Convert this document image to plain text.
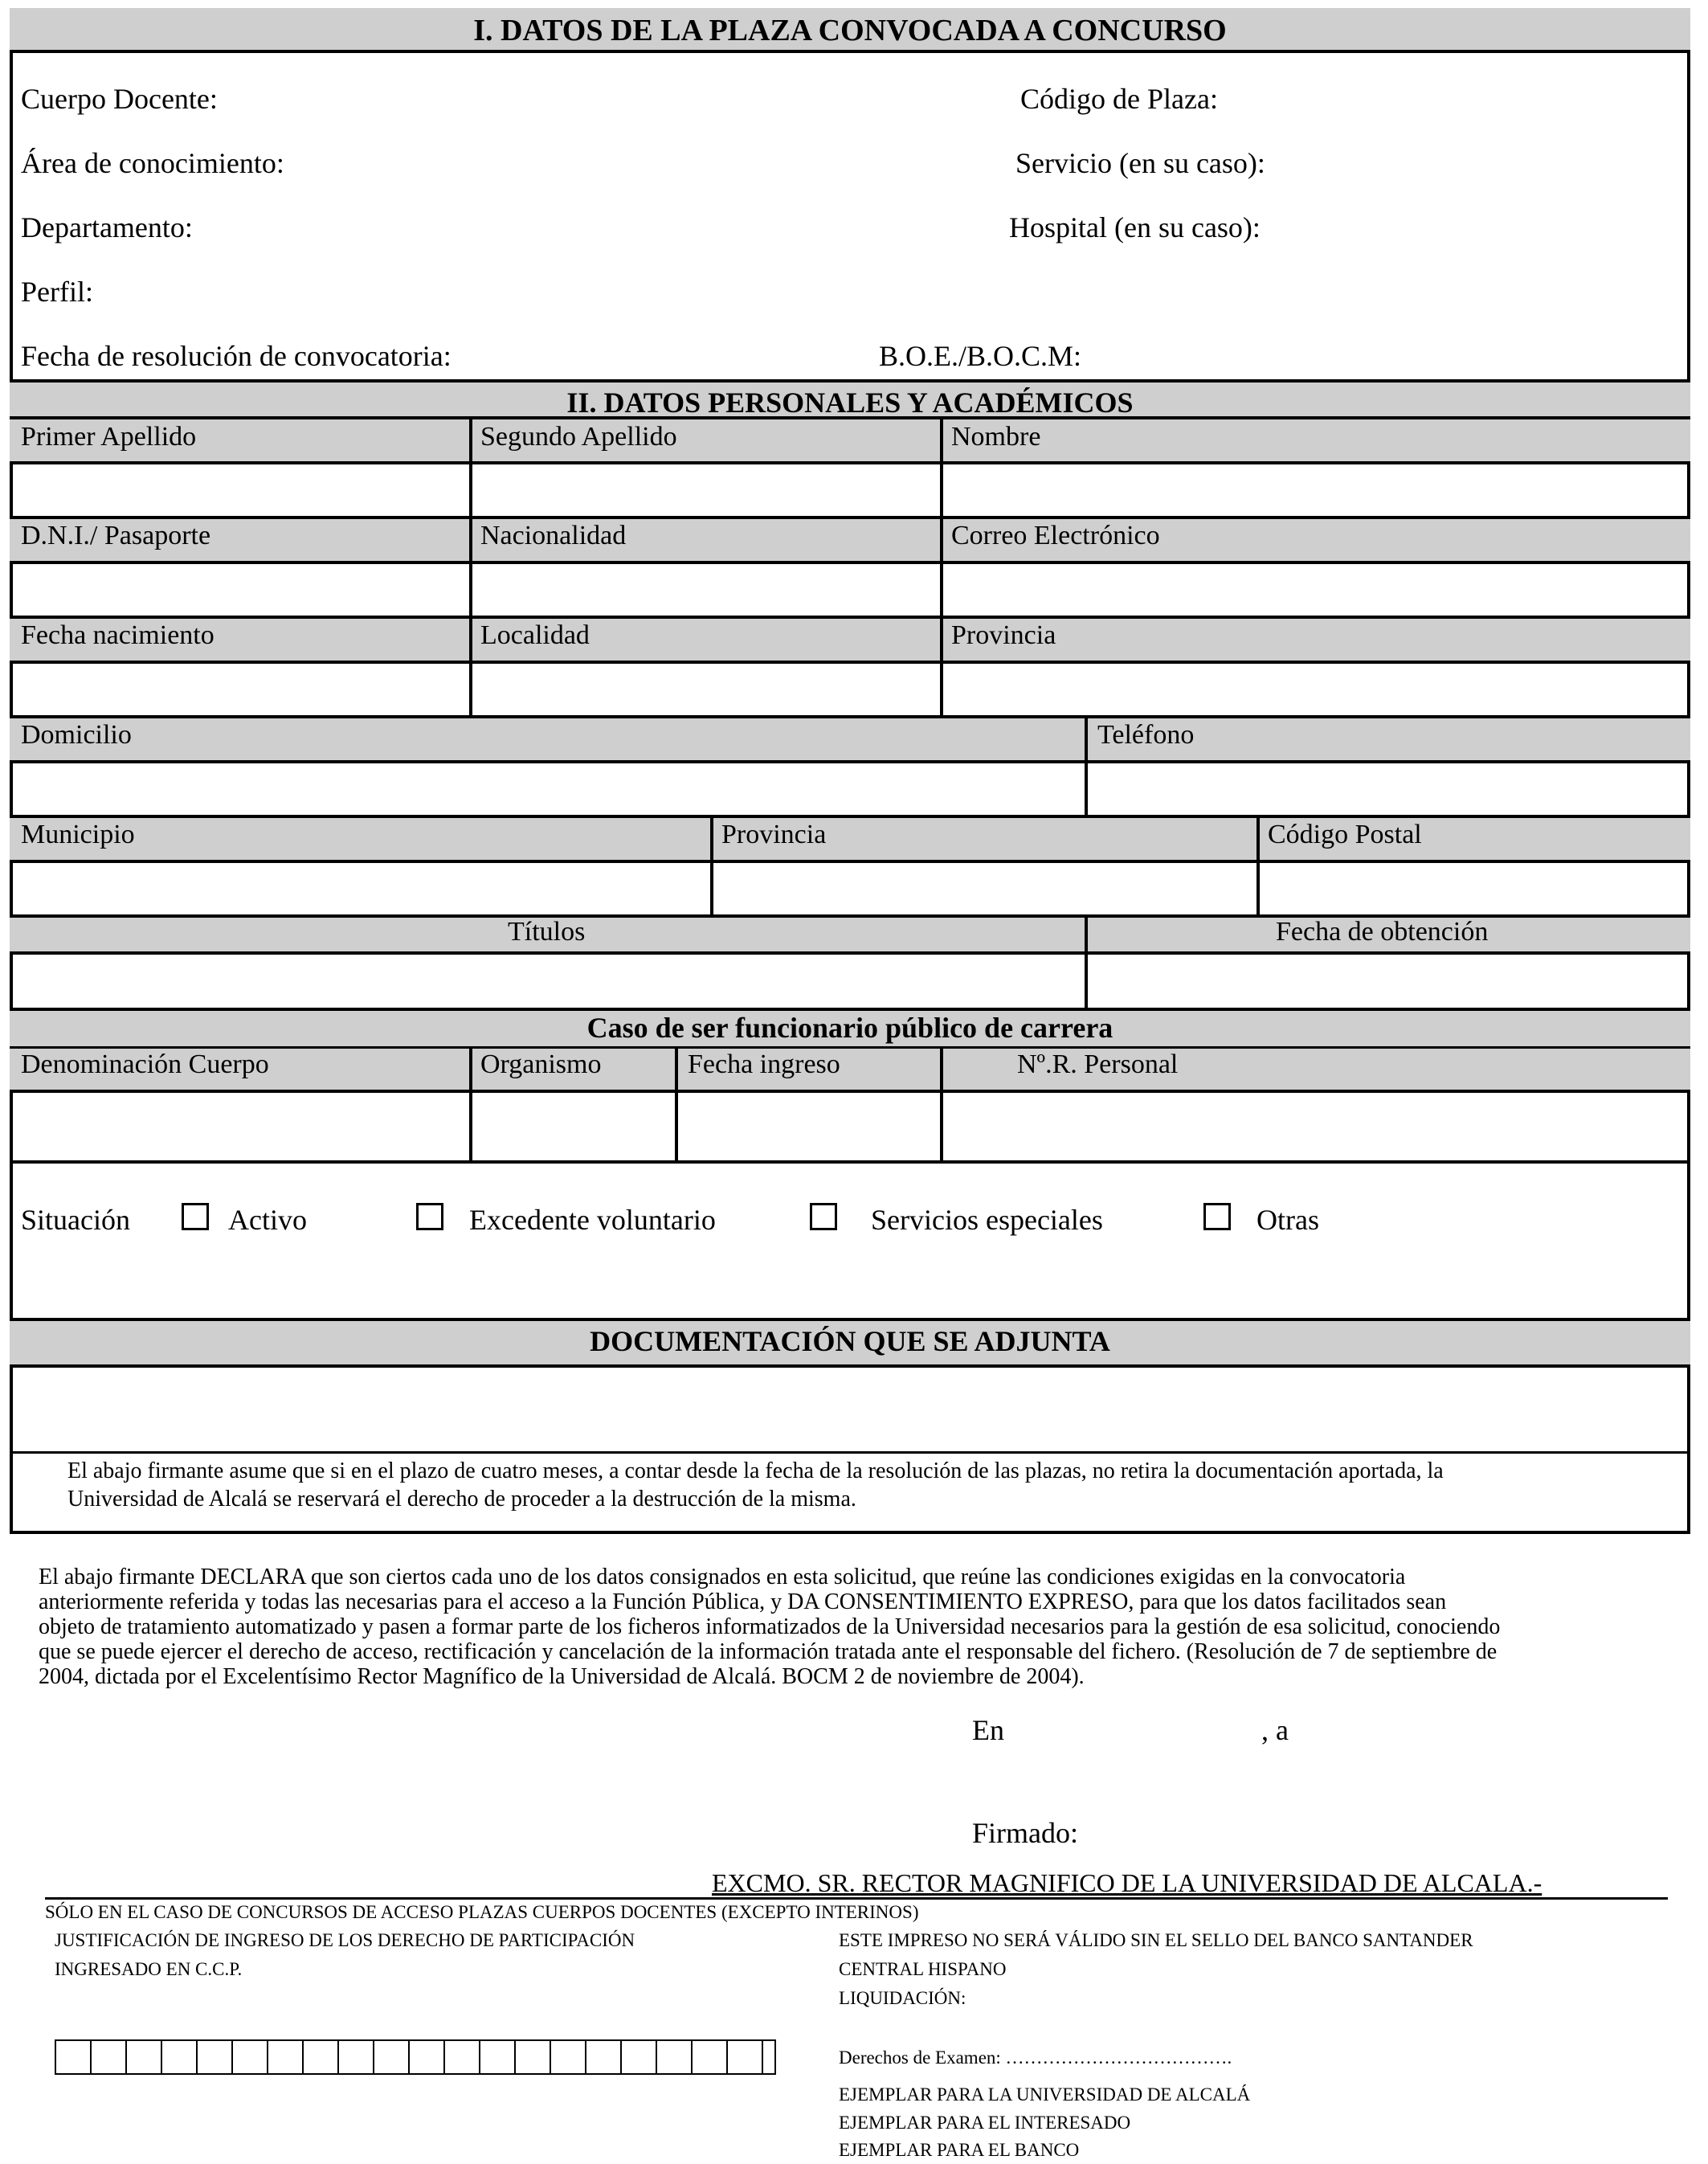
I. DATOS DE LA PLAZA CONVOCADA A CONCURSO
Cuerpo Docente:	Código de Plaza:
Área de conocimiento:	Servicio (en su caso):
Departamento:	Hospital (en su caso):
Perfil:
Fecha de resolución de convocatoria:	B.O.E./B.O.C.M:
II. DATOS PERSONALES Y ACADÉMICOS
Primer Apellido	Segundo Apellido	Nombre
D.N.I./ Pasaporte	Nacionalidad	Correo Electrónico
Fecha nacimiento	Localidad	Provincia
Domicilio	Teléfono
Municipio	Provincia	Código Postal
Títulos	Fecha de obtención
Caso de ser funcionario público de carrera
Denominación Cuerpo	Organismo	Fecha ingreso	Nº.R. Personal
Situación	Activo	Excedente voluntario	Servicios especiales	Otras
DOCUMENTACIÓN QUE SE ADJUNTA
El abajo firmante asume que si en el plazo de cuatro meses, a contar desde la fecha de la resolución de las plazas, no retira la documentación aportada, la
Universidad de Alcalá se reservará el derecho de proceder a la destrucción de la misma.
El abajo firmante DECLARA que son ciertos cada uno de los datos consignados en esta solicitud, que reúne las condiciones exigidas en la convocatoria
anteriormente referida y todas las necesarias para el acceso a la Función Pública, y DA CONSENTIMIENTO EXPRESO, para que los datos facilitados sean
objeto de tratamiento automatizado y pasen a formar parte de los ficheros informatizados de la Universidad necesarios para la gestión de esa solicitud, conociendo
que se puede ejercer el derecho de acceso, rectificación y cancelación de la información tratada ante el responsable del fichero. (Resolución de 7 de septiembre de
2004, dictada por el Excelentísimo Rector Magnífico de la Universidad de Alcalá. BOCM 2 de noviembre de 2004).
En	, a
Firmado:
EXCMO. SR. RECTOR MAGNIFICO DE LA UNIVERSIDAD DE ALCALA.-
SÓLO EN EL CASO DE CONCURSOS DE ACCESO PLAZAS CUERPOS DOCENTES (EXCEPTO INTERINOS)
JUSTIFICACIÓN DE INGRESO DE LOS DERECHO DE PARTICIPACIÓN
INGRESADO EN C.C.P.
ESTE IMPRESO NO SERÁ VÁLIDO SIN EL SELLO DEL BANCO SANTANDER
CENTRAL HISPANO
LIQUIDACIÓN:
Derechos de Examen: ……………………………….
EJEMPLAR PARA LA UNIVERSIDAD DE ALCALÁ
EJEMPLAR PARA EL INTERESADO
EJEMPLAR PARA EL BANCO
